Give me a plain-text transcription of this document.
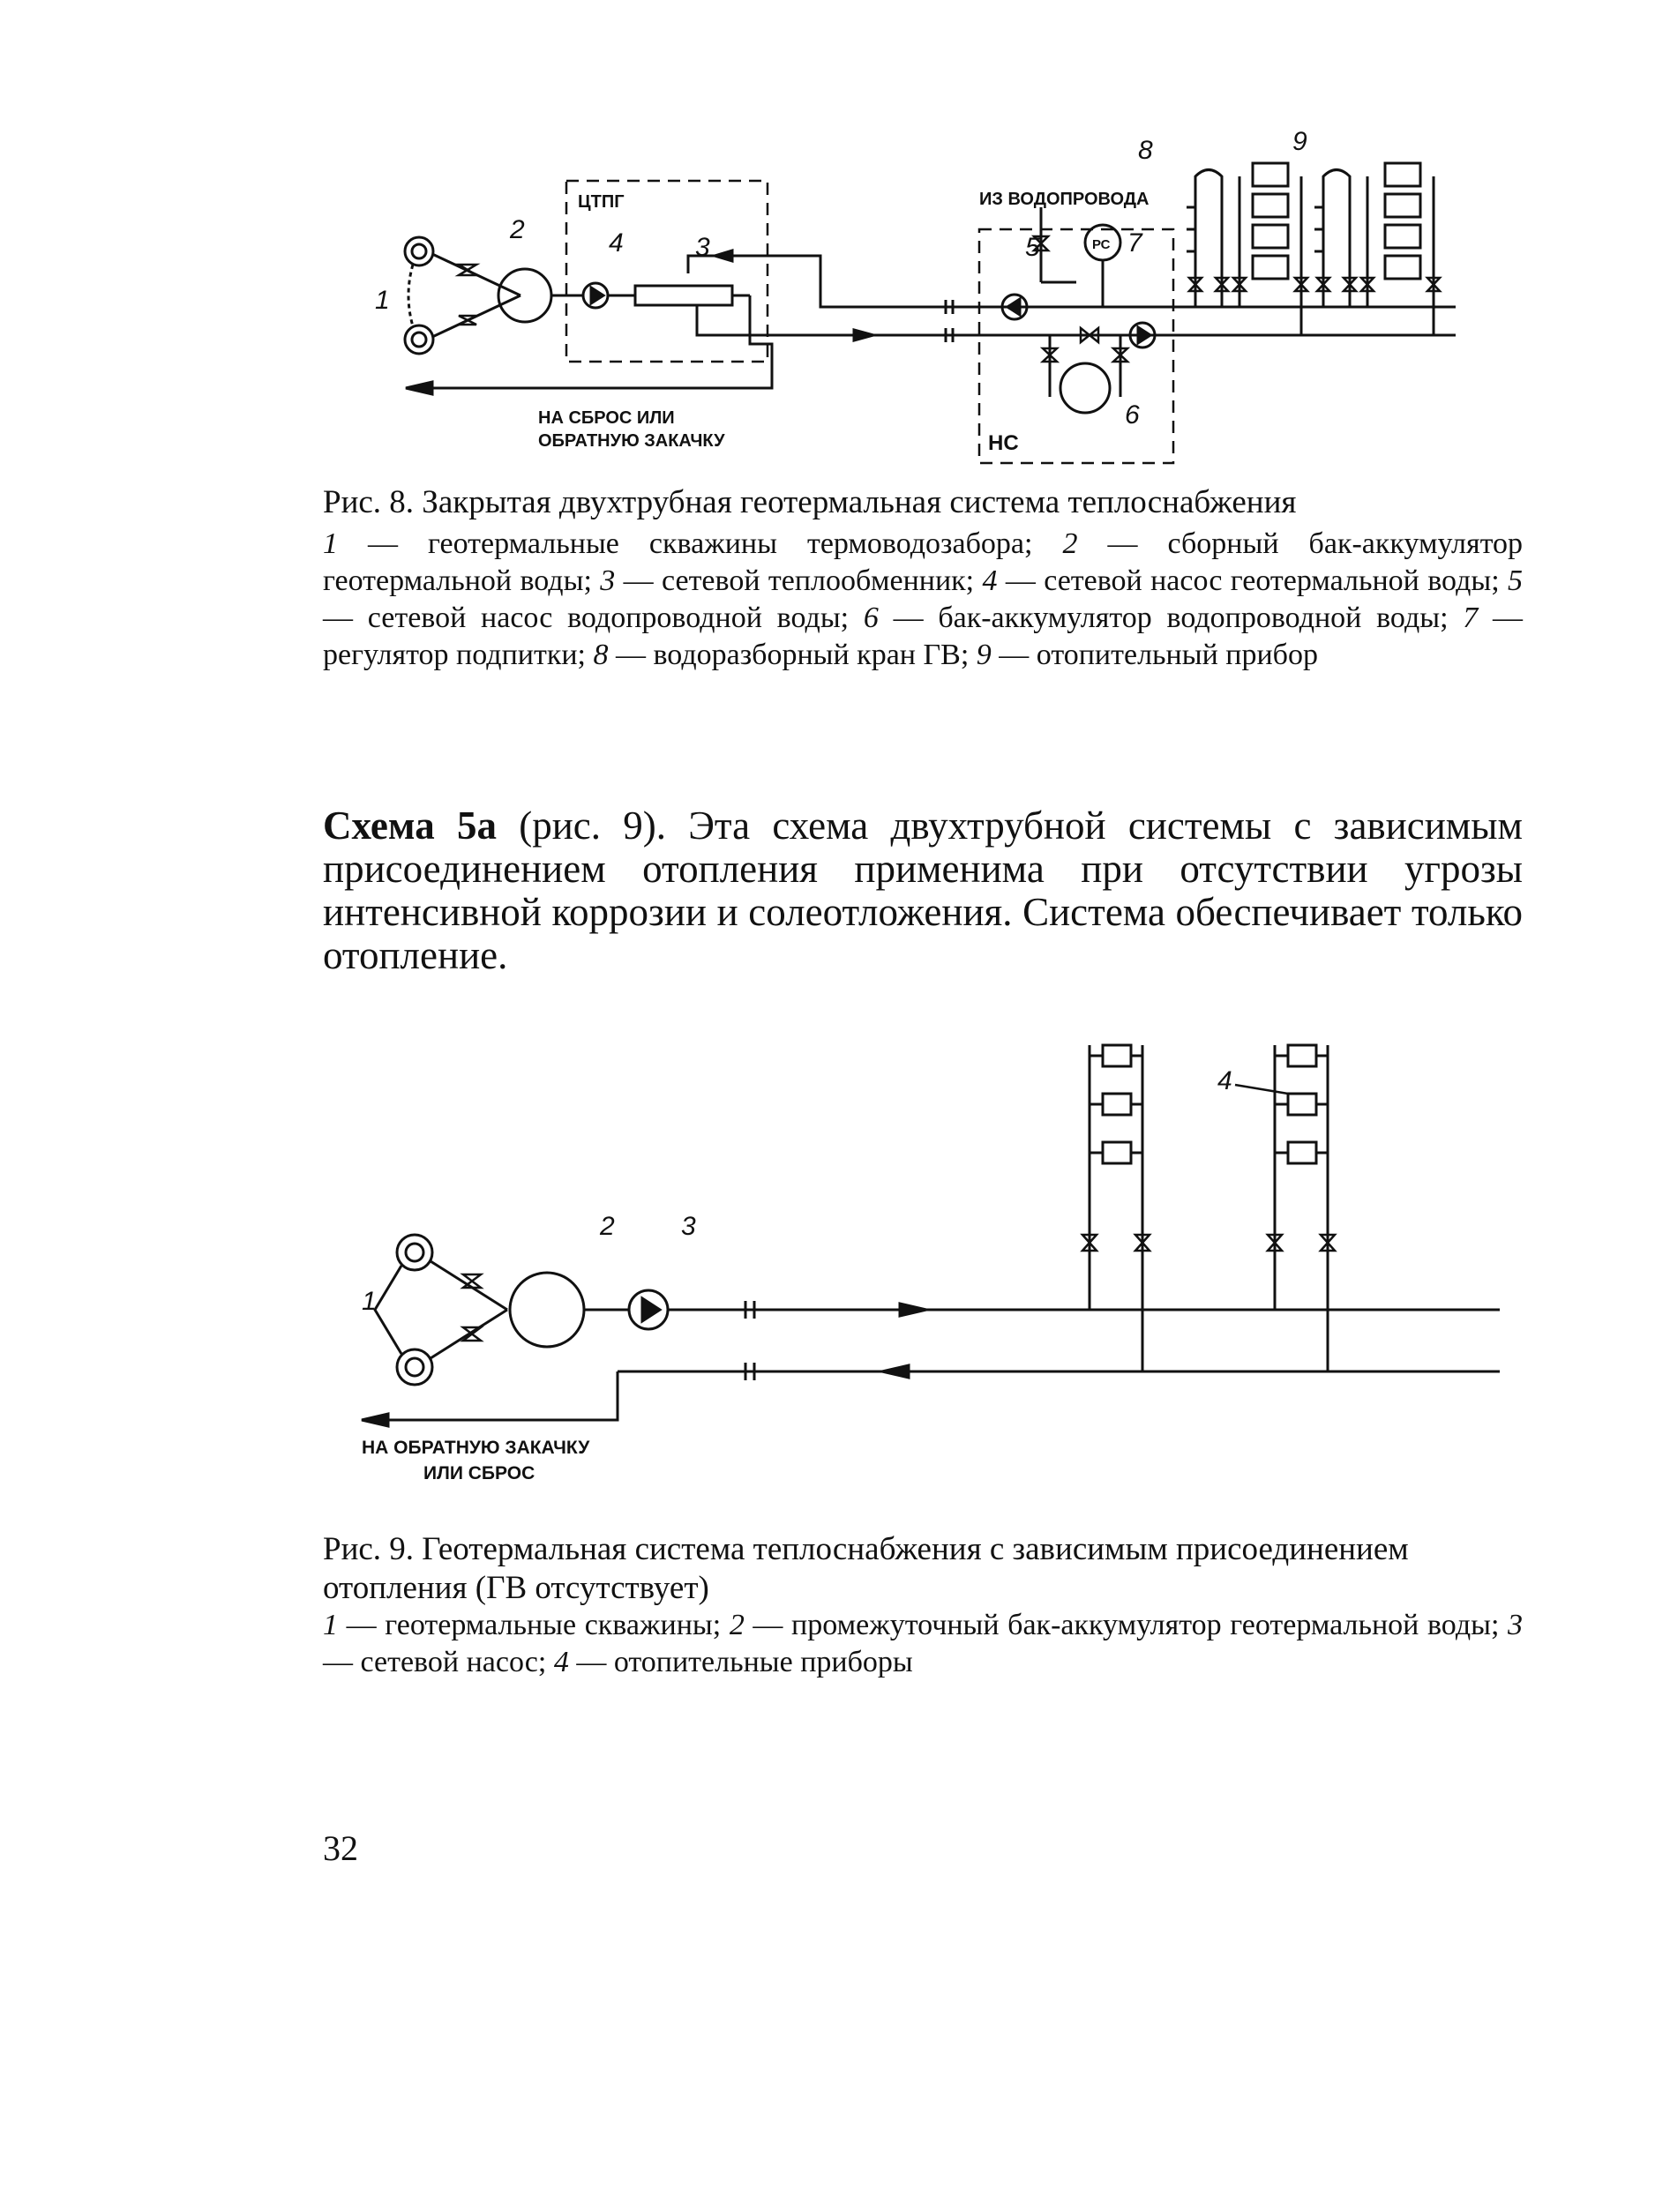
1
2
3
4	5
6
7
8	9
ЦТПГ
НС
РС
ИЗ ВОДОПРОВОДА
НА СБРОС ИЛИ
ОБРАТНУЮ ЗАКАЧКУ
Рис. 8. Закрытая двухтрубная геотермальная система теплоснабжения
1 — геотермальные скважины термоводозабора; 2 — сборный бак-аккумулятор геотермальной воды; 3 — сетевой теплообменник; 4 — сетевой насос геотермальной воды; 5 — сетевой насос водопроводной воды; 6 — бак-аккумулятор водопроводной воды; 7 — регулятор подпитки; 8 — водоразборный кран ГВ; 9 — отопительный прибор
Схема 5а (рис. 9). Эта схема двухтрубной системы с зависимым присоединением отопления применима при отсутствии угрозы интенсивной коррозии и солеотложения. Система обеспечивает только отопление.
1
2	3
4
НА ОБРАТНУЮ ЗАКАЧКУ
ИЛИ СБРОС
Рис. 9. Геотермальная система теплоснабжения с зависимым присоединением отопления (ГВ отсутствует)
1 — геотермальные скважины; 2 — промежуточный бак-аккумулятор геотермальной воды; 3 — сетевой насос; 4 — отопительные приборы
32
